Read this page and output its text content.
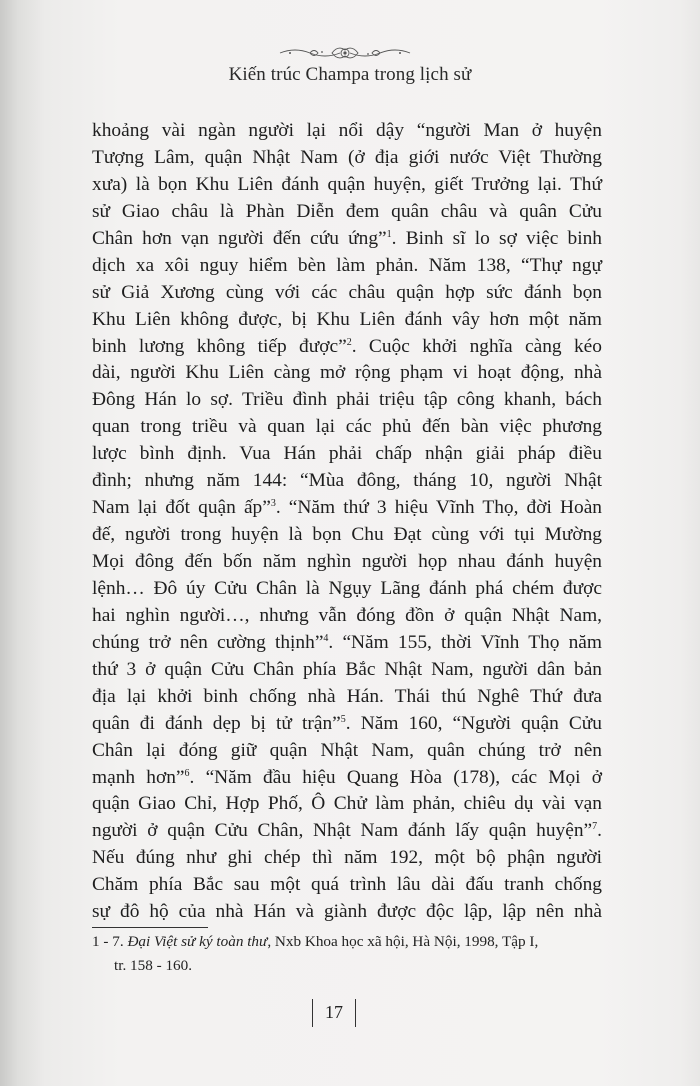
Kiến trúc Champa trong lịch sử
khoảng vài ngàn người lại nổi dậy “người Man ở huyện
Tượng Lâm, quận Nhật Nam (ở địa giới nước Việt Thường
xưa) là bọn Khu Liên đánh quận huyện, giết Trưởng lại. Thứ
sử Giao châu là Phàn Diễn đem quân châu và quân Cửu
Chân hơn vạn người đến cứu ứng”$^1$. Binh sĩ lo sợ việc binh
dịch xa xôi nguy hiểm bèn làm phản. Năm 138, “Thự ngự
sử Giả Xương cùng với các châu quận hợp sức đánh bọn
Khu Liên không được, bị Khu Liên đánh vây hơn một năm
binh lương không tiếp được”$^2$. Cuộc khởi nghĩa càng kéo
dài, người Khu Liên càng mở rộng phạm vi hoạt động, nhà
Đông Hán lo sợ. Triều đình phải triệu tập công khanh, bách
quan trong triều và quan lại các phủ đến bàn việc phương
lược bình định. Vua Hán phải chấp nhận giải pháp điều
đình; nhưng năm 144: “Mùa đông, tháng 10, người Nhật
Nam lại đốt quận ấp”$^3$. “Năm thứ 3 hiệu Vĩnh Thọ, đời Hoàn
đế, người trong huyện là bọn Chu Đạt cùng với tụi Mường
Mọi đông đến bốn năm nghìn người họp nhau đánh huyện
lệnh… Đô úy Cửu Chân là Ngụy Lãng đánh phá chém được
hai nghìn người…, nhưng vẫn đóng đồn ở quận Nhật Nam,
chúng trở nên cường thịnh”$^4$. “Năm 155, thời Vĩnh Thọ năm
thứ 3 ở quận Cửu Chân phía Bắc Nhật Nam, người dân bản
địa lại khởi binh chống nhà Hán. Thái thú Nghê Thứ đưa
quân đi đánh dẹp bị tử trận”$^5$. Năm 160, “Người quận Cửu
Chân lại đóng giữ quận Nhật Nam, quân chúng trở nên
mạnh hơn”$^6$. “Năm đầu hiệu Quang Hòa (178), các Mọi ở
quận Giao Chỉ, Hợp Phố, Ô Chử làm phản, chiêu dụ vài vạn
người ở quận Cửu Chân, Nhật Nam đánh lấy quận huyện”$^7$.
Nếu đúng như ghi chép thì năm 192, một bộ phận người
Chăm phía Bắc sau một quá trình lâu dài đấu tranh chống
sự đô hộ của nhà Hán và giành được độc lập, lập nên nhà
1 - 7. Đại Việt sử ký toàn thư, Nxb Khoa học xã hội, Hà Nội, 1998, Tập I,
tr. 158 - 160.
17
